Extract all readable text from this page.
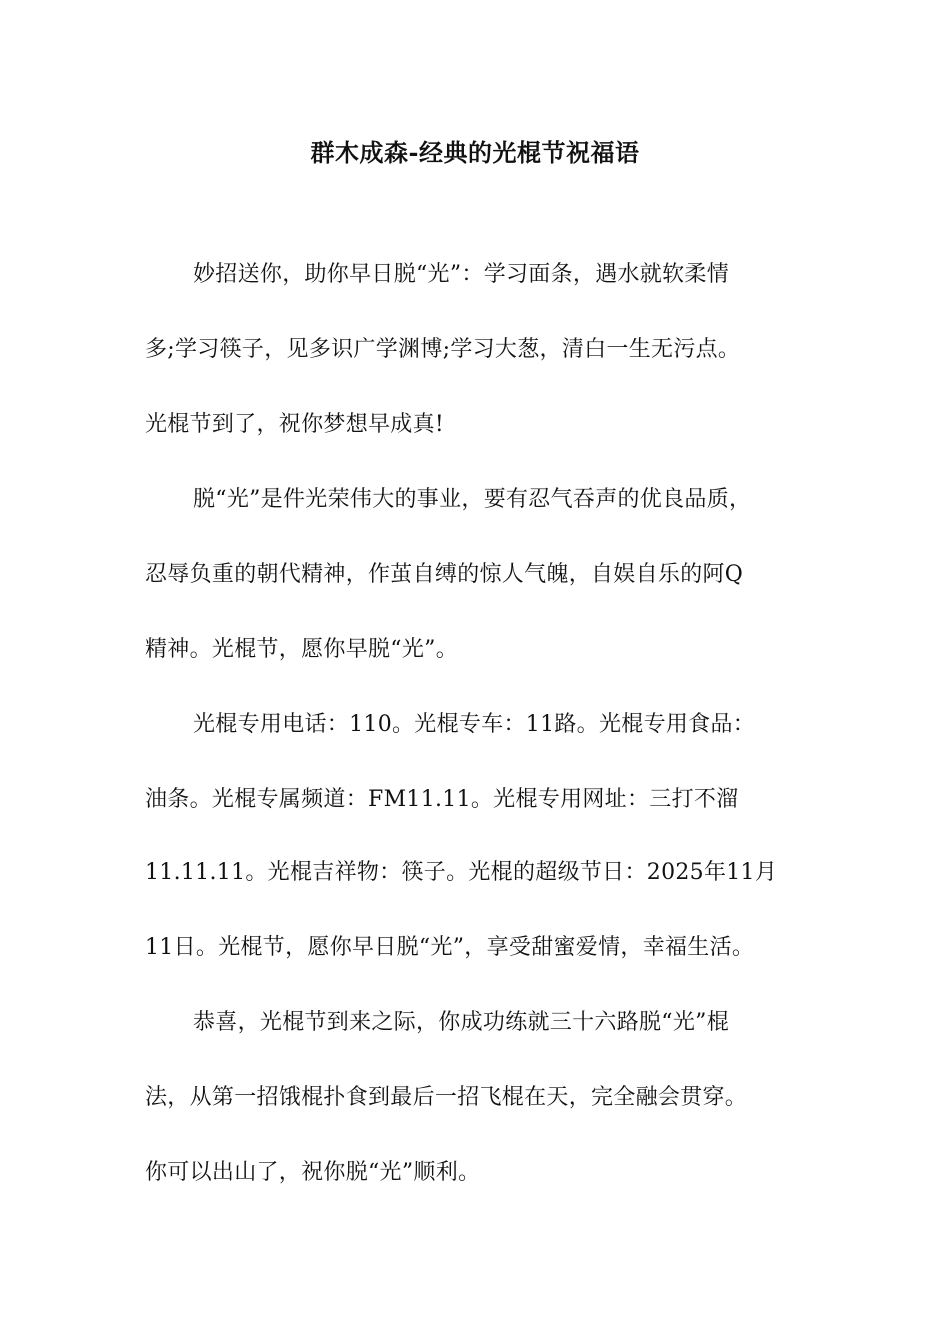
群木成森-经典的光棍节祝福语
妙招送你，助你早日脱“光”：学习面条，遇水就软柔情
多;学习筷子，见多识广学渊博;学习大葱，清白一生无污点。
光棍节到了，祝你梦想早成真!
脱“光”是件光荣伟大的事业，要有忍气吞声的优良品质，
忍辱负重的朝代精神，作茧自缚的惊人气魄，自娱自乐的阿Q
精神。光棍节，愿你早脱“光”。
光棍专用电话：110。光棍专车：11路。光棍专用食品：
油条。光棍专属频道：FM11.11。光棍专用网址：三打不溜
11.11.11。光棍吉祥物：筷子。光棍的超级节日：2025年11月
11日。光棍节，愿你早日脱“光”，享受甜蜜爱情，幸福生活。
恭喜，光棍节到来之际，你成功练就三十六路脱“光”棍
法，从第一招饿棍扑食到最后一招飞棍在天，完全融会贯穿。
你可以出山了，祝你脱“光”顺利。
